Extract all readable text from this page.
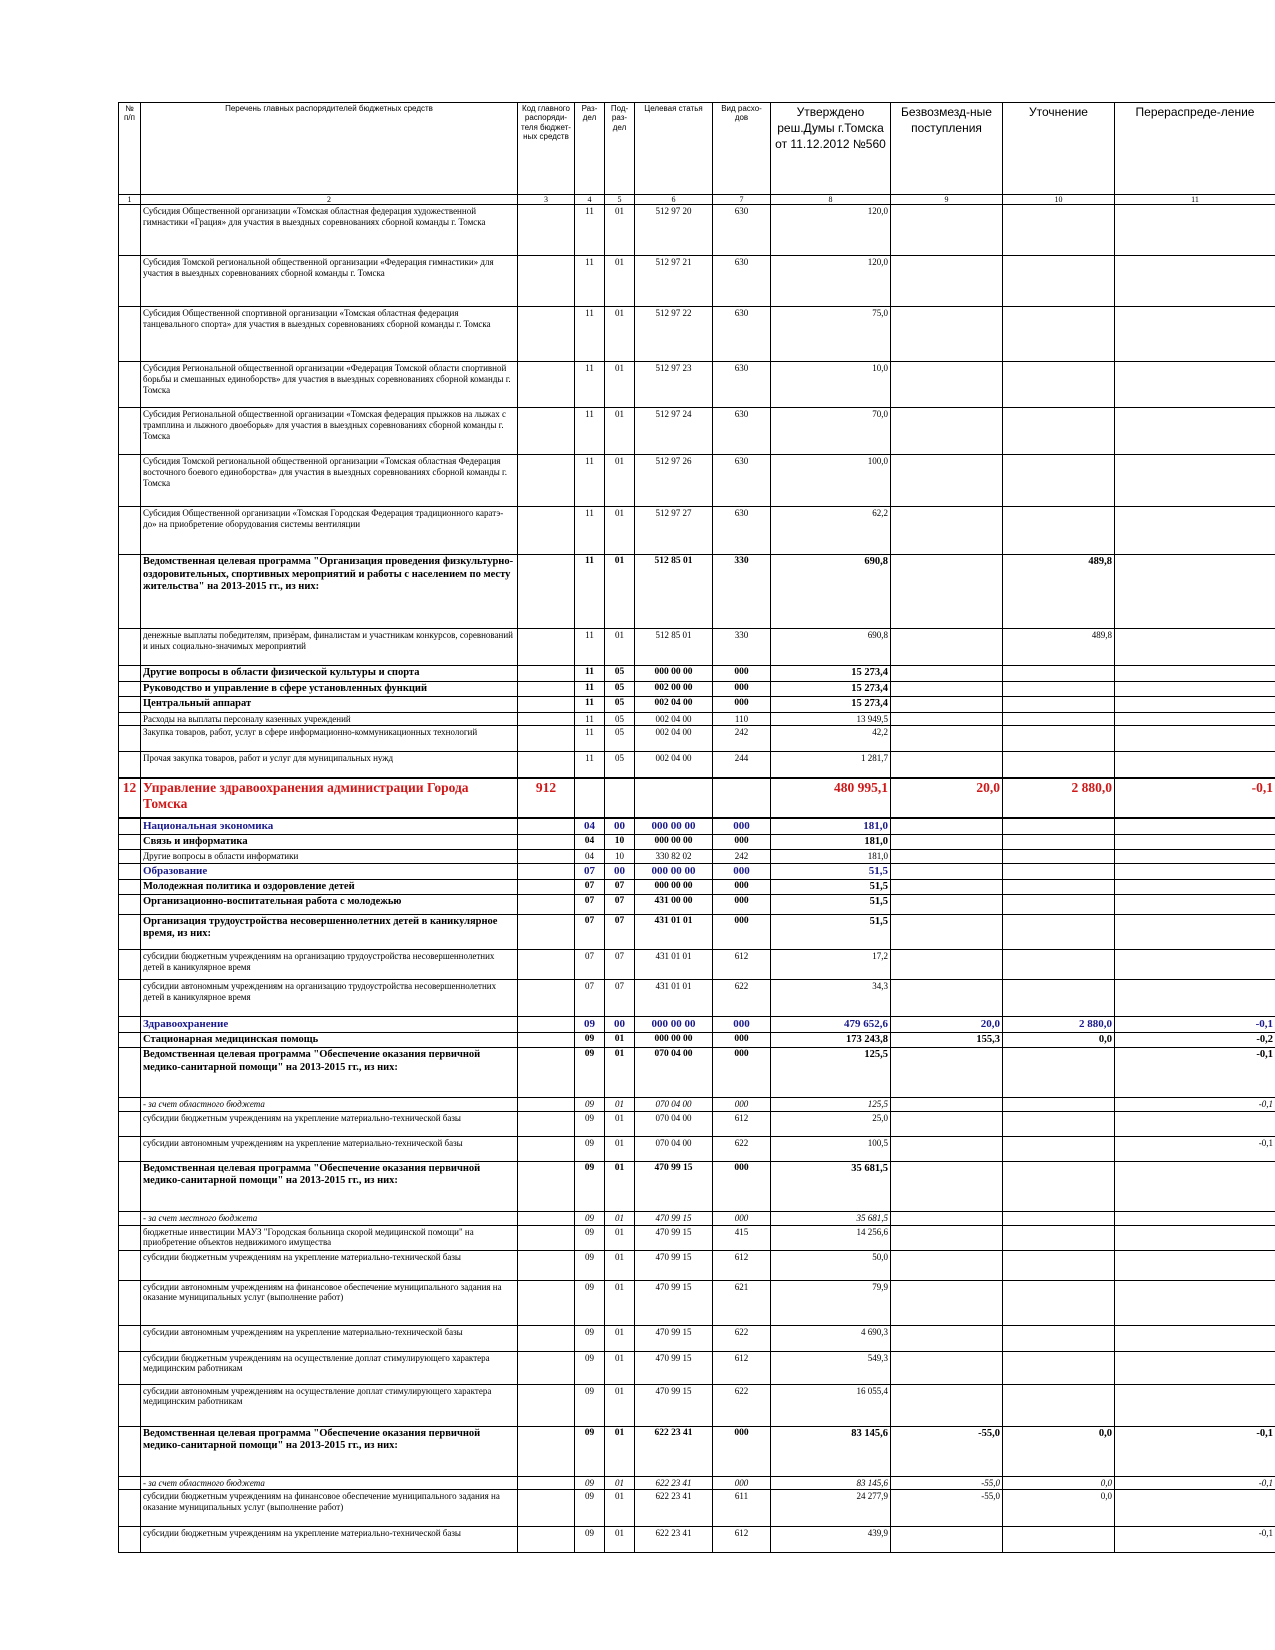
№ п/п	Перечень главных распорядителей бюджетных средств	Код главного распоряди-теля бюджет-ных средств	Раз-дел	Под-раз-дел	Целевая статья	Вид расхо-дов	Утверждено реш.Думы г.Томска от 11.12.2012 №560	Безвозмезд-ные поступления	Уточнение	Перераспреде-ление
1	2	3	4	5	6	7	8	9	10	11
	Субсидия Общественной организации «Томская областная федерация художественной гимнастики «Грация» для участия в выездных соревнованиях сборной команды г. Томска		11	01	512 97 20	630	120,0			
	Субсидия Томской региональной общественной организации «Федерация гимнастики» для участия в выездных соревнованиях сборной команды г. Томска		11	01	512 97 21	630	120,0			
	Субсидия Общественной спортивной организации «Томская областная федерация танцевального спорта» для участия в выездных соревнованиях сборной команды г. Томска		11	01	512 97 22	630	75,0			
	Субсидия Региональной общественной организации «Федерация Томской области спортивной борьбы и смешанных единоборств» для участия в выездных соревнованиях сборной команды г. Томска		11	01	512 97 23	630	10,0			
	Субсидия Региональной общественной организации «Томская федерация прыжков на лыжах с трамплина и лыжного двоеборья» для участия в выездных соревнованиях сборной команды г. Томска		11	01	512 97 24	630	70,0			
	Субсидия Томской региональной общественной организации «Томская областная Федерация восточного боевого единоборства» для участия в выездных соревнованиях сборной команды г. Томска		11	01	512 97 26	630	100,0			
	Субсидия Общественной организации «Томская Городская Федерация традиционного каратэ-до» на приобретение оборудования системы вентиляции		11	01	512 97 27	630	62,2			
	Ведомственная целевая программа "Организация проведения физкультурно-оздоровительных, спортивных мероприятий и работы с населением по месту жительства" на 2013-2015 гг., из них:		11	01	512 85 01	330	690,8		489,8	
	денежные выплаты победителям, призёрам, финалистам и участникам конкурсов, соревнований и иных социально-значимых мероприятий		11	01	512 85 01	330	690,8		489,8	
	Другие вопросы в области физической культуры и спорта		11	05	000 00 00	000	15 273,4			
	Руководство и управление в сфере установленных функций		11	05	002 00 00	000	15 273,4			
	Центральный аппарат		11	05	002 04 00	000	15 273,4			
	Расходы на выплаты персоналу казенных учреждений		11	05	002 04 00	110	13 949,5			
	Закупка товаров, работ, услуг в сфере информационно-коммуникационных технологий		11	05	002 04 00	242	42,2			
	Прочая закупка товаров, работ и услуг для муниципальных нужд		11	05	002 04 00	244	1 281,7			
12	Управление здравоохранения администрации Города Томска	912					480 995,1	20,0	2 880,0	-0,1
	Национальная экономика		04	00	000 00 00	000	181,0			
	Связь и информатика		04	10	000 00 00	000	181,0			
	Другие вопросы в области информатики		04	10	330 82 02	242	181,0			
	Образование		07	00	000 00 00	000	51,5			
	Молодежная политика и оздоровление детей		07	07	000 00 00	000	51,5			
	Организационно-воспитательная работа с молодежью		07	07	431 00 00	000	51,5			
	Организация трудоустройства несовершеннолетних детей в каникулярное время, из них:		07	07	431 01 01	000	51,5			
	субсидии бюджетным учреждениям на организацию трудоустройства несовершеннолетних детей в каникулярное время		07	07	431 01 01	612	17,2			
	субсидии автономным учреждениям на организацию трудоустройства несовершеннолетних детей в каникулярное время		07	07	431 01 01	622	34,3			
	Здравоохранение		09	00	000 00 00	000	479 652,6	20,0	2 880,0	-0,1
	Стационарная медицинская помощь		09	01	000 00 00	000	173 243,8	155,3	0,0	-0,2
	Ведомственная целевая программа "Обеспечение оказания первичной медико-санитарной помощи" на 2013-2015 гг., из них:		09	01	070 04 00	000	125,5			-0,1
	- за счет областного бюджета		09	01	070 04 00	000	125,5			-0,1
	субсидии бюджетным учреждениям на укрепление материально-технической базы		09	01	070 04 00	612	25,0			
	субсидии автономным учреждениям на укрепление материально-технической базы		09	01	070 04 00	622	100,5			-0,1
	Ведомственная целевая программа "Обеспечение оказания первичной медико-санитарной помощи" на 2013-2015 гг., из них:		09	01	470 99 15	000	35 681,5			
	- за счет местного бюджета		09	01	470 99 15	000	35 681,5			
	бюджетные инвестиции МАУЗ "Городская больница скорой медицинской помощи" на приобретение объектов недвижимого имущества		09	01	470 99 15	415	14 256,6			
	субсидии бюджетным учреждениям на укрепление материально-технической базы		09	01	470 99 15	612	50,0			
	субсидии автономным учреждениям на финансовое обеспечение муниципального задания на оказание муниципальных услуг (выполнение работ)		09	01	470 99 15	621	79,9			
	субсидии автономным учреждениям на укрепление материально-технической базы		09	01	470 99 15	622	4 690,3			
	субсидии бюджетным учреждениям на осуществление доплат стимулирующего характера медицинским работникам		09	01	470 99 15	612	549,3			
	субсидии автономным учреждениям на осуществление доплат стимулирующего характера медицинским работникам		09	01	470 99 15	622	16 055,4			
	Ведомственная целевая программа "Обеспечение оказания первичной медико-санитарной помощи" на 2013-2015 гг., из них:		09	01	622 23 41	000	83 145,6	-55,0	0,0	-0,1
	- за счет областного бюджета		09	01	622 23 41	000	83 145,6	-55,0	0,0	-0,1
	субсидии бюджетным учреждениям на финансовое обеспечение муниципального задания на оказание муниципальных услуг (выполнение работ)		09	01	622 23 41	611	24 277,9	-55,0	0,0	
	субсидии бюджетным учреждениям на укрепление материально-технической базы		09	01	622 23 41	612	439,9			-0,1
